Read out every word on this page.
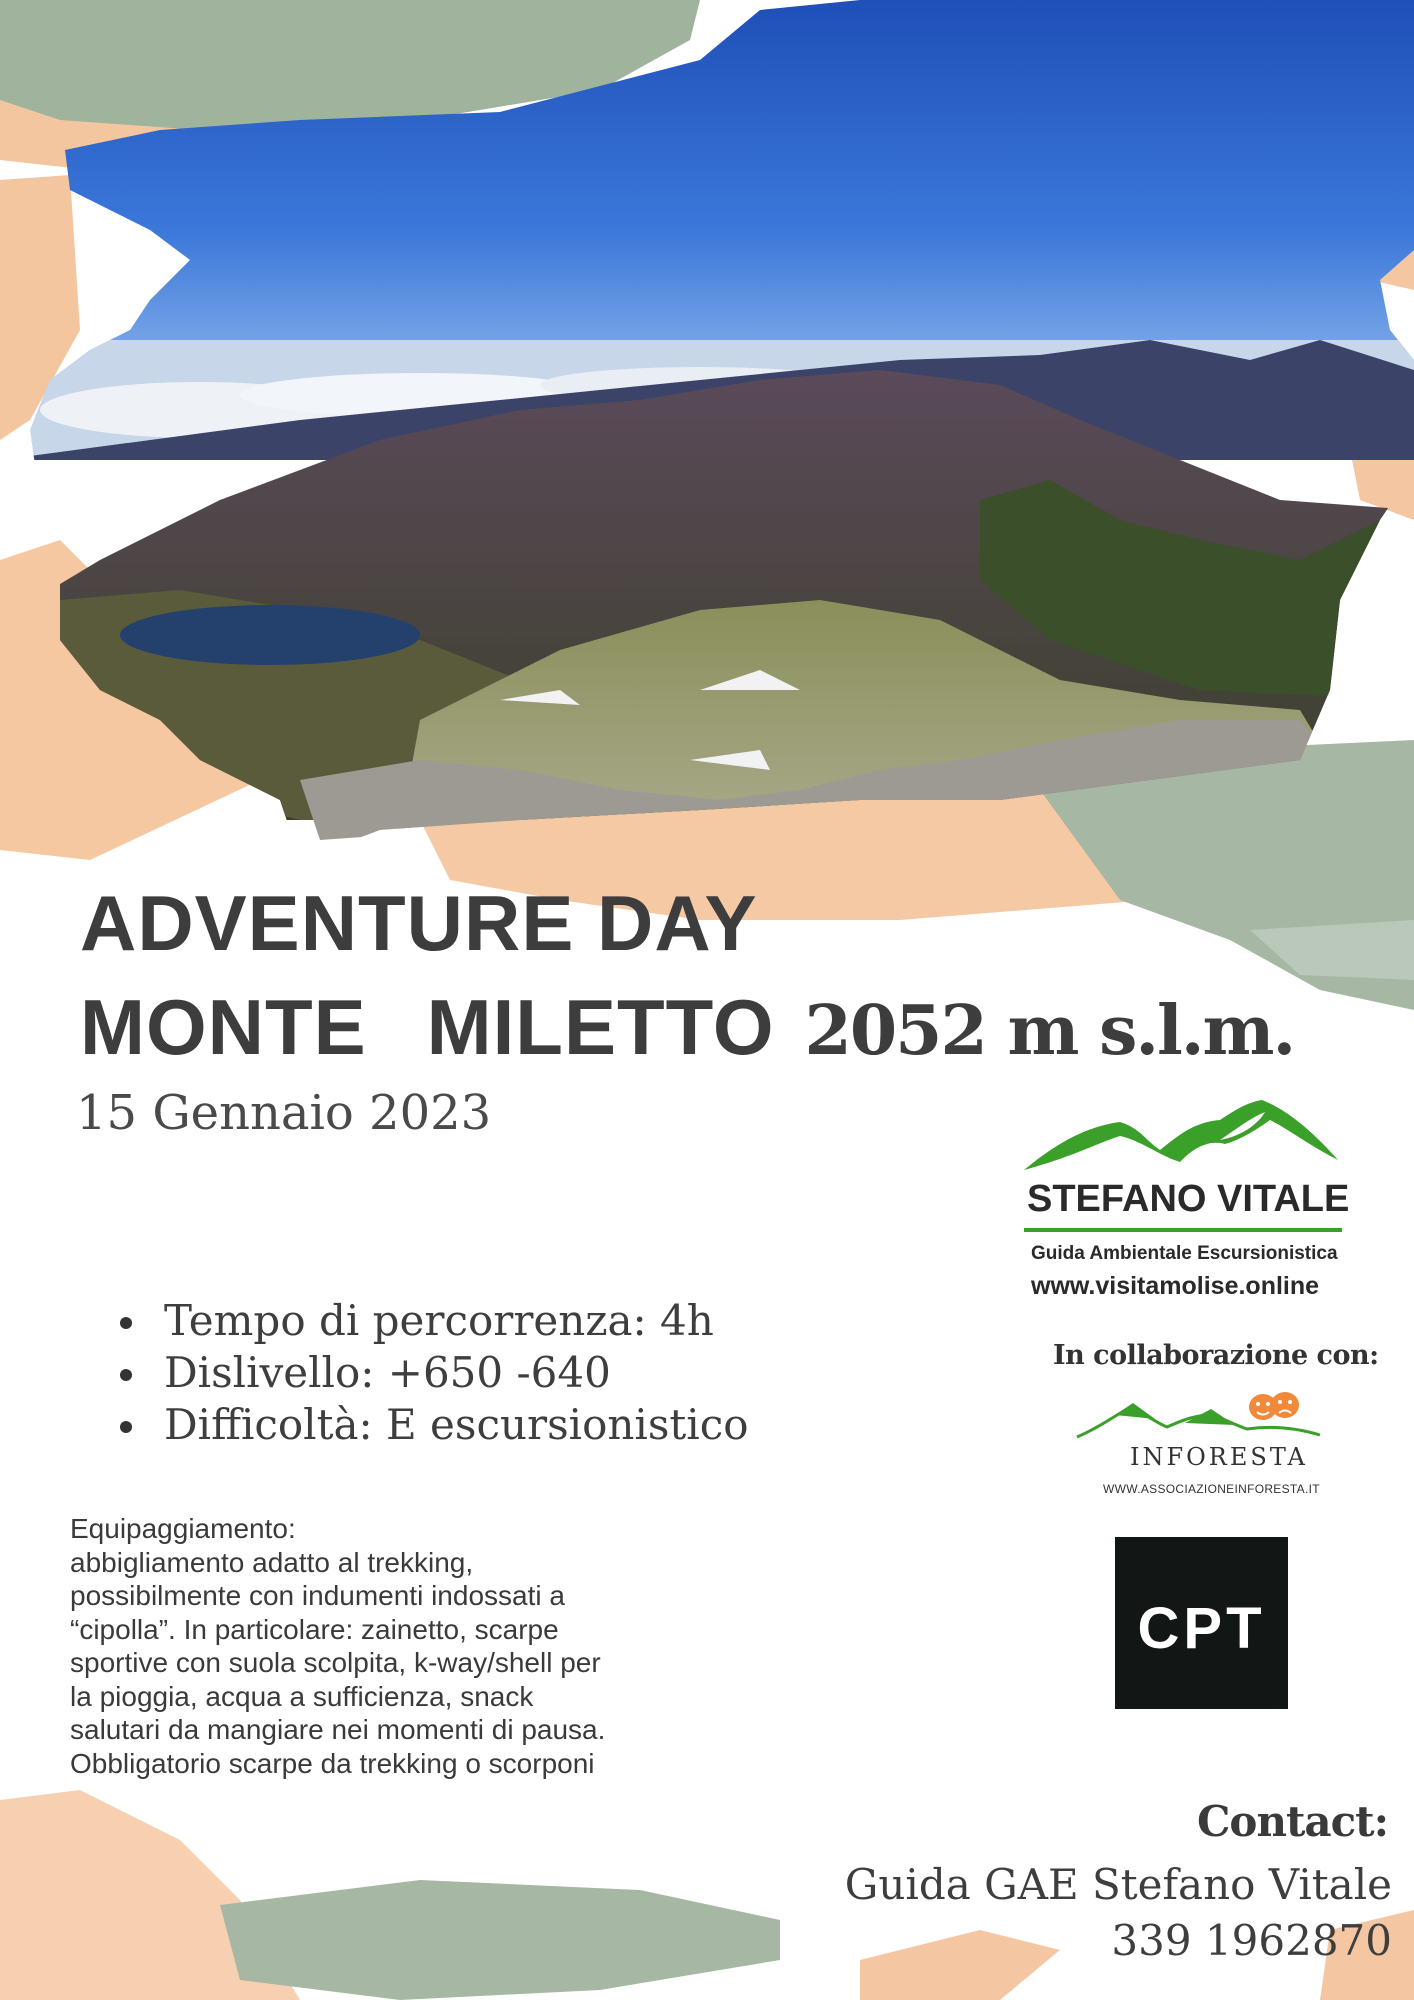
ADVENTURE DAY
MONTE MILETTO 2052 m s.l.m.
15 Gennaio 2023
Tempo di percorrenza: 4h
Dislivello: +650 -640
Difficoltà: E escursionistico
Equipaggiamento:
abbigliamento adatto al trekking,
possibilmente con indumenti indossati a
“cipolla”. In particolare: zainetto, scarpe
sportive con suola scolpita, k-way/shell per
la pioggia, acqua a sufficienza, snack
salutari da mangiare nei momenti di pausa.
Obbligatorio scarpe da trekking o scorponi
STEFANO VITALE
Guida Ambientale Escursionistica
www.visitamolise.online
In collaborazione con:
INFORESTA
WWW.ASSOCIAZIONEINFORESTA.IT
CPT
Contact:
Guida GAE Stefano Vitale
339 1962870
